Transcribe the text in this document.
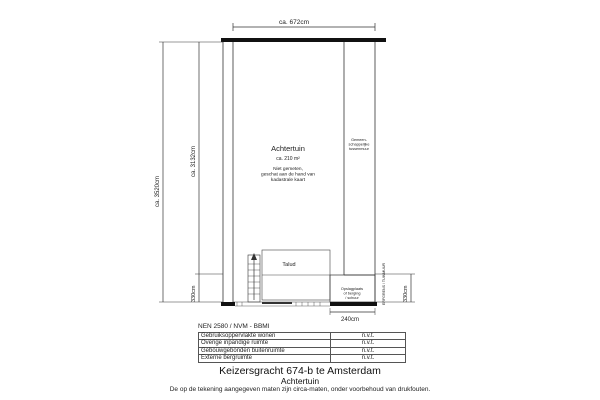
ca. 672cm
ca. 3520cm
ca. 3132cm
330cm	330cm
ERFGRENS / TUINMUUR
Achtertuin
ca. 210 m²
Niet gemeten,
geschat aan de hand van
kadastrale kaart
Gemeen-
schappelijke
tussenmuur
Talud
Opslagplaats
of berging
/ schuur
240cm
NEN 2580 / NVM - BBMI
Gebruiksoppervlakte wonen	n.v.t.
Overige inpandige ruimte	n.v.t.
Gebouwgebonden buitenruimte	n.v.t.
Externe bergruimte	n.v.t.
Keizersgracht 674-b te Amsterdam
Achtertuin
De op de tekening aangegeven maten zijn circa-maten, onder voorbehoud van drukfouten.
